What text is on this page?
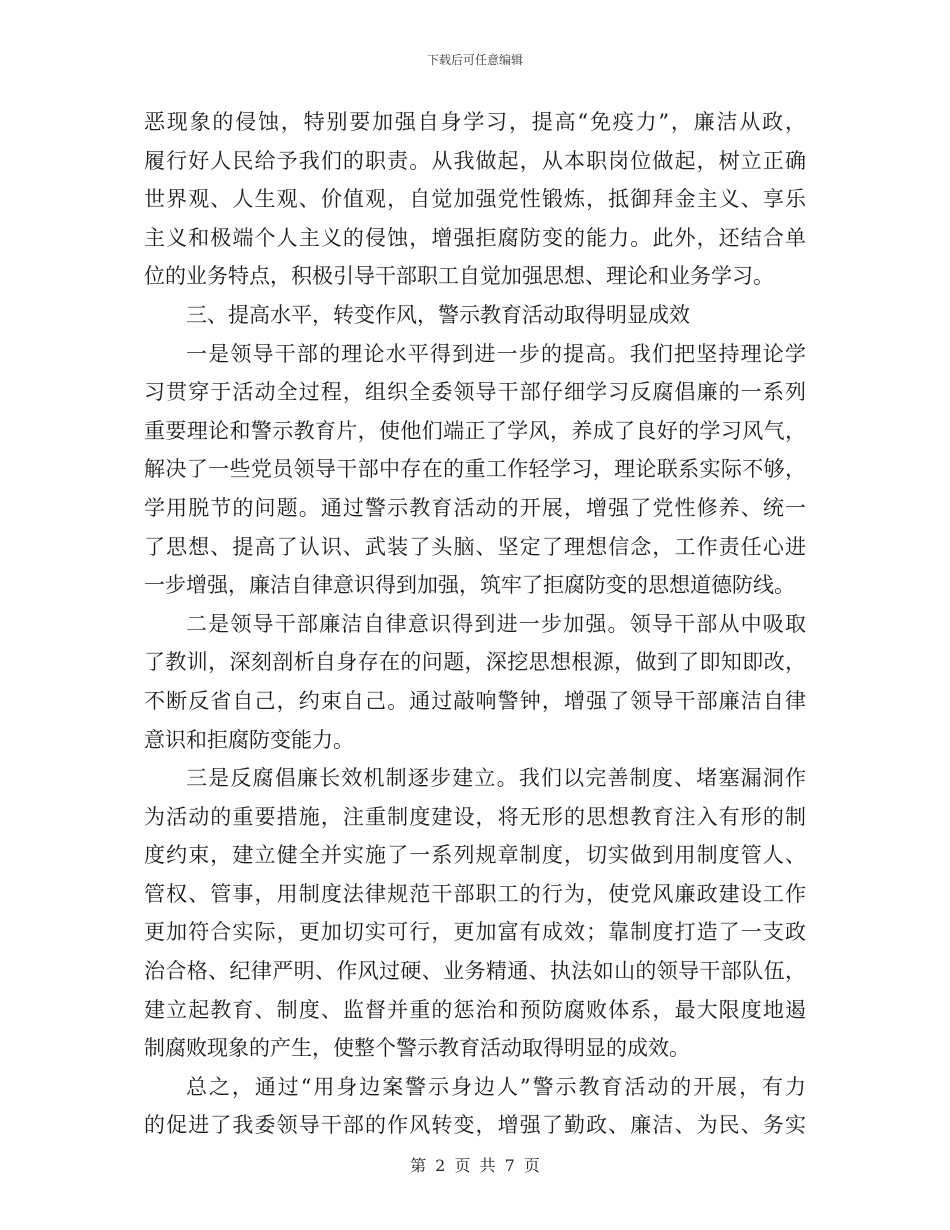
下载后可任意编辑
恶现象的侵蚀，特别要加强自身学习，提高“免疫力”，廉洁从政，
履行好人民给予我们的职责。从我做起，从本职岗位做起，树立正确
世界观、人生观、价值观，自觉加强党性锻炼，抵御拜金主义、享乐
主义和极端个人主义的侵蚀，增强拒腐防变的能力。此外，还结合单
位的业务特点，积极引导干部职工自觉加强思想、理论和业务学习。
三、提高水平，转变作风，警示教育活动取得明显成效
一是领导干部的理论水平得到进一步的提高。我们把坚持理论学
习贯穿于活动全过程，组织全委领导干部仔细学习反腐倡廉的一系列
重要理论和警示教育片，使他们端正了学风，养成了良好的学习风气，
解决了一些党员领导干部中存在的重工作轻学习，理论联系实际不够，
学用脱节的问题。通过警示教育活动的开展，增强了党性修养、统一
了思想、提高了认识、武装了头脑、坚定了理想信念，工作责任心进
一步增强，廉洁自律意识得到加强，筑牢了拒腐防变的思想道德防线。
二是领导干部廉洁自律意识得到进一步加强。领导干部从中吸取
了教训，深刻剖析自身存在的问题，深挖思想根源，做到了即知即改，
不断反省自己，约束自己。通过敲响警钟，增强了领导干部廉洁自律
意识和拒腐防变能力。
三是反腐倡廉长效机制逐步建立。我们以完善制度、堵塞漏洞作
为活动的重要措施，注重制度建设，将无形的思想教育注入有形的制
度约束，建立健全并实施了一系列规章制度，切实做到用制度管人、
管权、管事，用制度法律规范干部职工的行为，使党风廉政建设工作
更加符合实际，更加切实可行，更加富有成效；靠制度打造了一支政
治合格、纪律严明、作风过硬、业务精通、执法如山的领导干部队伍，
建立起教育、制度、监督并重的惩治和预防腐败体系，最大限度地遏
制腐败现象的产生，使整个警示教育活动取得明显的成效。
总之，通过“用身边案警示身边人”警示教育活动的开展，有力
的促进了我委领导干部的作风转变，增强了勤政、廉洁、为民、务实
第 2 页 共 7 页
